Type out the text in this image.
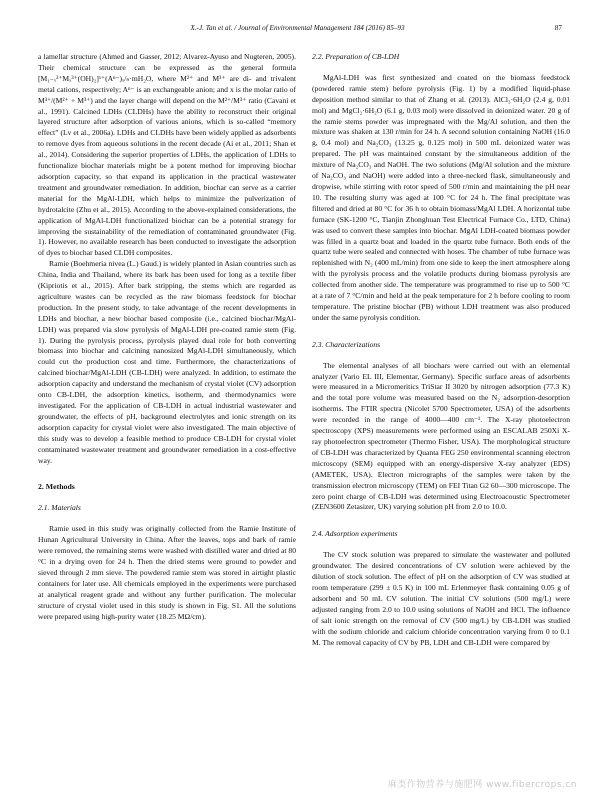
X.-J. Tan et al. / Journal of Environmental Management 184 (2016) 85–93	87

a lamellar structure (Ahmed and Gasser, 2012; Alvarez-Ayuso and Nugteren, 2005). Their chemical structure can be expressed as the general formula [M₁₋ₓ²⁺Mₓ³⁺(OH)₂]ˣ⁺(Aⁿ⁻)ₓ/ₙ·mH₂O, where M²⁺ and M³⁺ are di- and trivalent metal cations, respectively; Aⁿ⁻ is an exchangeable anion; and x is the molar ratio of M³⁺/(M²⁺ + M³⁺) and the layer charge will depend on the M²⁺/M³⁺ ratio (Cavani et al., 1991). Calcined LDHs (CLDHs) have the ability to reconstruct their original layered structure after adsorption of various anions, which is so-called “memory effect” (Lv et al., 2006a). LDHs and CLDHs have been widely applied as adsorbents to remove dyes from aqueous solutions in the recent decade (Ai et al., 2011; Shan et al., 2014). Considering the superior properties of LDHs, the application of LDHs to functionalize biochar materials might be a potent method for improving biochar adsorption capacity, so that expand its application in the practical wastewater treatment and groundwater remediation. In addition, biochar can serve as a carrier material for the MgAl-LDH, which helps to minimize the pulverization of hydrotalcite (Zhu et al., 2015). According to the above-explained considerations, the application of MgAl-LDH functionalized biochar can be a potential strategy for improving the sustainability of the remediation of contaminated groundwater (Fig. 1). However, no available research has been conducted to investigate the adsorption of dyes to biochar based CLDH composites.

Ramie (Boehmeria nivea (L.) Gaud.) is widely planted in Asian countries such as China, India and Thailand, where its bark has been used for long as a textile fiber (Kipriotis et al., 2015). After bark stripping, the stems which are regarded as agriculture wastes can be recycled as the raw biomass feedstock for biochar production. In the present study, to take advantage of the recent developments in LDHs and biochar, a new biochar based composite (i.e., calcined biochar/MgAl-LDH) was prepared via slow pyrolysis of MgAl-LDH pre-coated ramie stem (Fig. 1). During the pyrolysis process, pyrolysis played dual role for both converting biomass into biochar and calcining nanosized MgAl-LDH simultaneously, which could cut the production cost and time. Furthermore, the characterizations of calcined biochar/MgAl-LDH (CB-LDH) were analyzed. In addition, to estimate the adsorption capacity and understand the mechanism of crystal violet (CV) adsorption onto CB-LDH, the adsorption kinetics, isotherm, and thermodynamics were investigated. For the application of CB-LDH in actual industrial wastewater and groundwater, the effects of pH, background electrolytes and ionic strength on its adsorption capacity for crystal violet were also investigated. The main objective of this study was to develop a feasible method to produce CB-LDH for crystal violet contaminated wastewater treatment and groundwater remediation in a cost-effective way.

2. Methods
2.1. Materials

Ramie used in this study was originally collected from the Ramie Institute of Hunan Agricultural University in China. After the leaves, tops and bark of ramie were removed, the remaining stems were washed with distilled water and dried at 80 °C in a drying oven for 24 h. Then the dried stems were ground to powder and sieved through 2 mm sieve. The powdered ramie stem was stored in airtight plastic containers for later use. All chemicals employed in the experiments were purchased at analytical reagent grade and without any further purification. The molecular structure of crystal violet used in this study is shown in Fig. S1. All the solutions were prepared using high-purity water (18.25 MΩ/cm).

2.2. Preparation of CB-LDH

MgAl-LDH was first synthesized and coated on the biomass feedstock (powdered ramie stem) before pyrolysis (Fig. 1) by a modified liquid-phase deposition method similar to that of Zhang et al. (2013). AlCl₃·6H₂O (2.4 g, 0.01 mol) and MgCl₂·6H₂O (6.1 g, 0.03 mol) were dissolved in deionized water. 20 g of the ramie stems powder was impregnated with the Mg/Al solution, and then the mixture was shaken at 130 r/min for 24 h. A second solution containing NaOH (16.0 g, 0.4 mol) and Na₂CO₃ (13.25 g, 0.125 mol) in 500 mL deionized water was prepared. The pH was maintained constant by the simultaneous addition of the mixture of Na₂CO₃ and NaOH. The two solutions (Mg/Al solution and the mixture of Na₂CO₃ and NaOH) were added into a three-necked flask, simultaneously and dropwise, while stirring with rotor speed of 500 r/min and maintaining the pH near 10. The resulting slurry was aged at 100 °C for 24 h. The final precipitate was filtered and dried at 80 °C for 36 h to obtain biomass/MgAl LDH. A horizontal tube furnace (SK-1200 °C, Tianjin Zhonghuan Test Electrical Furnace Co., LTD, China) was used to convert these samples into biochar. MgAl LDH-coated biomass powder was filled in a quartz boat and loaded in the quartz tube furnace. Both ends of the quartz tube were sealed and connected with hoses. The chamber of tube furnace was replenished with N₂ (400 mL/min) from one side to keep the inert atmosphere along with the pyrolysis process and the volatile products during biomass pyrolysis are collected from another side. The temperature was programmed to rise up to 500 °C at a rate of 7 °C/min and held at the peak temperature for 2 h before cooling to room temperature. The pristine biochar (PB) without LDH treatment was also produced under the same pyrolysis condition.

2.3. Characterizations

The elemental analyses of all biochars were carried out with an elemental analyzer (Vario EL III, Elementar, Germany). Specific surface areas of adsorbents were measured in a Micromeritics TriStar II 3020 by nitrogen adsorption (77.3 K) and the total pore volume was measured based on the N₂ adsorption-desorption isotherms. The FTIR spectra (Nicolet 5700 Spectrometer, USA) of the adsorbents were recorded in the range of 4000—400 cm⁻¹. The X-ray photoelectron spectroscopy (XPS) measurements were performed using an ESCALAB 250Xi X-ray photoelectron spectrometer (Thermo Fisher, USA). The morphological structure of CB-LDH was characterized by Quanta FEG 250 environmental scanning electron microscopy (SEM) equipped with an energy-dispersive X-ray analyzer (EDS) (AMETEK, USA). Electron micrographs of the samples were taken by the transmission electron microscopy (TEM) on FEI Titan G2 60—300 microscope. The zero point charge of CB-LDH was determined using Electroacoustic Spectrometer (ZEN3600 Zetasizer, UK) varying solution pH from 2.0 to 10.0.

2.4. Adsorption experiments

The CV stock solution was prepared to simulate the wastewater and polluted groundwater. The desired concentrations of CV solution were achieved by the dilution of stock solution. The effect of pH on the adsorption of CV was studied at room temperature (299 ± 0.5 K) in 100 mL Erlenmeyer flask containing 0.05 g of adsorbent and 50 mL CV solution. The initial CV solutions (500 mg/L) were adjusted ranging from 2.0 to 10.0 using solutions of NaOH and HCl. The influence of salt ionic strength on the removal of CV (500 mg/L) by CB-LDH was studied with the sodium chloride and calcium chloride concentration varying from 0 to 0.1 M. The removal capacity of CV by PB, LDH and CB-LDH were compared by

麻类作物营养与施肥网 www.fibercrops.cn
